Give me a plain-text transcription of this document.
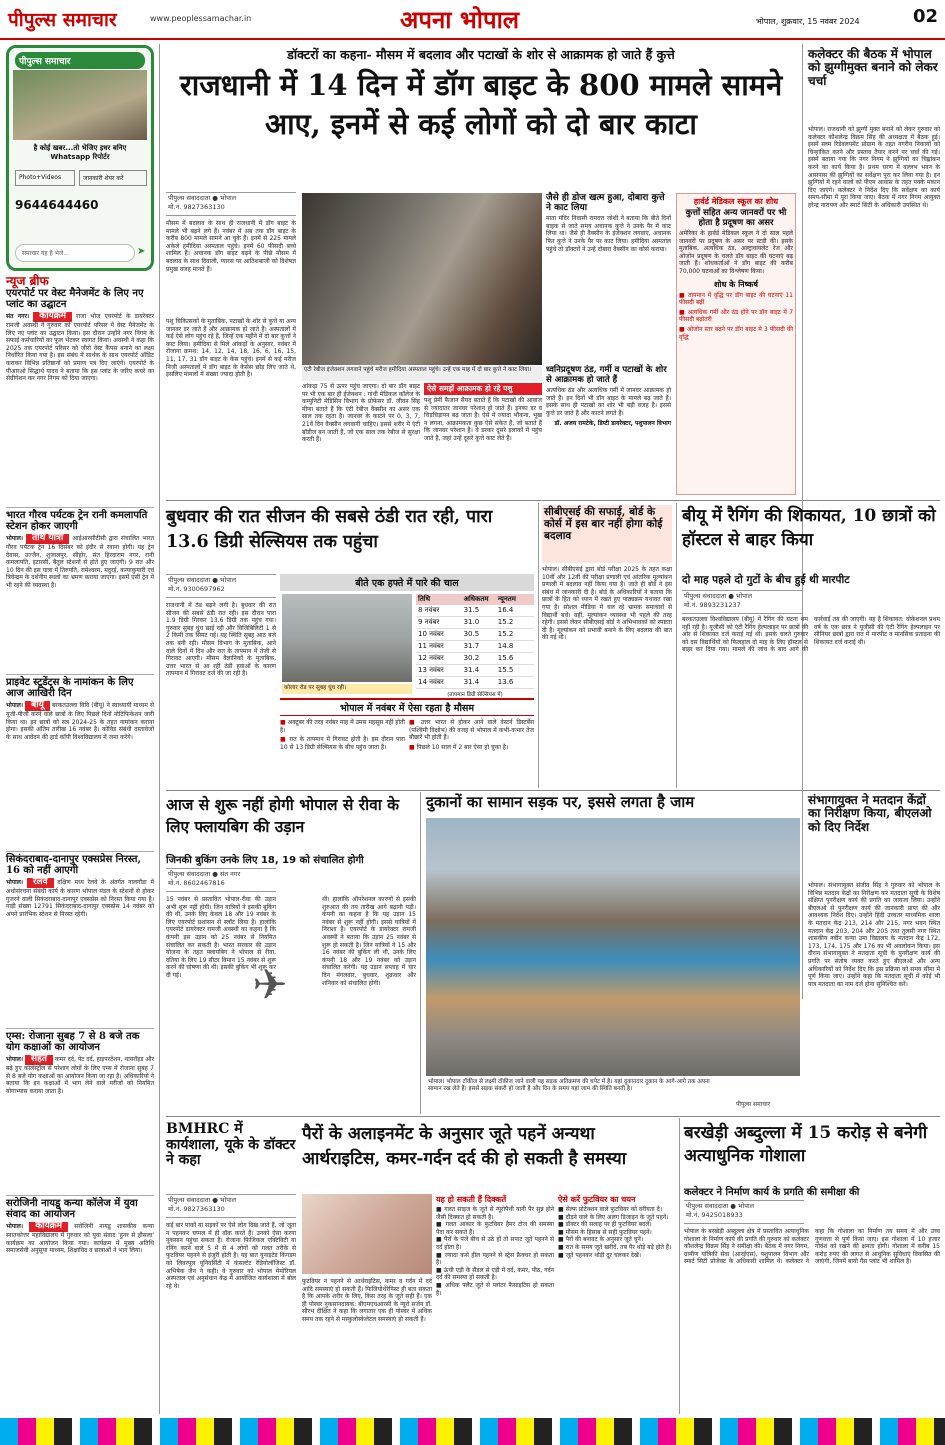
पीपुल्स समाचार	www.peoplessamachar.in	अपना भोपाल	भोपाल, शुक्रवार, 15 नवंबर 2024	02
पीपुल्स समाचार
है कोई खबर...तो भेजिए इधर बनिए Whatsapp रिपोर्टर
Photo+Videos	जानकारी शेयर करें
9644644460
समाचार यह है भेजे...	➤
न्यूज ब्रीफ
एयरपोर्ट पर वेस्ट मैनेजमेंट के लिए नए प्लांट का उद्घाटन
संत नगर। कार्यक्रम राजा भोज एयरपोर्ट के डायरेक्टर रामजी अवस्थी ने गुरुवार को एयरपोर्ट परिसर में वेस्ट मैनेजमेंट के लिए नए प्लांट का उद्घाटन किया। इस दौरान उन्होंने नगर निगम के सफाई कर्मचारियों का फूल भेंटकर स्वागत किया। अवस्थी ने कहा कि 2025 तक एयरपोर्ट परिसर को जीरो वेस्ट कैंपस बनाने का लक्ष्य निर्धारित किया गया है। इस संबंध में सार्थक के साथ एयरपोर्ट ऑडिट कराकर विभिन्न प्रतिष्ठानों को प्रमाण पत्र दिए जाएंगे। एयरपोर्ट के पीआरओ सिद्धार्थ यादव ने बताया कि इस प्लांट के जरिए कचरे का सेग्रीगेशन कर नगर निगम को दिया जाएगा।
भारत गौरव पर्यटक ट्रेन रानी कमलापति स्टेशन होकर जाएगी
भोपाल। तीर्थ यात्रा आईआरसीटीसी द्वारा संचालित भारत गौरव पर्यटक ट्रेन 16 दिसंबर को इंदौर से रवाना होगी। यह ट्रेन देवास, उज्जैन, शुजालपुर, सीहोर, संत हिरदाराम नगर, रानी कमलापति, इटारसी, बैतूल स्टेशनों से होते हुए जाएगी। 9 रात और 10 दिन की इस यात्रा में तिरुपति, रामेश्वरम, मदुरई, कन्याकुमारी एवं त्रिवेन्द्रम के दर्शनीय स्थलों का भ्रमण कराया जाएगा। इसमें एसी ट्रेन में भी रहने की व्यवस्था है।
प्राइवेट स्टूडेंट्स के नामांकन के लिए आज आखिरी दिन
भोपाल। बीयू बरकतउल्ला विवि (बीयू) ने स्वाध्यायी माध्यम से यूजी-पीजी करने वाले छात्रों के लिए पिछले दिनों नोटिफिकेशन जारी किया था। इन छात्रों को सत्र 2024-25 के तहत नामांकन कराना होगा। इसकी अंतिम तारीख 16 नवंबर है। कोविड संबंधी दस्तावेजों के साथ आवेदन की हार्ड कॉपी विश्वविद्यालय में जमा करेंगे।
सिकंदराबाद-दानापुर एक्सप्रेस निरस्त, 16 को नहीं आएगी
भोपाल। रेलवे दक्षिण मध्य रेलवे के अंतर्गत नालगोंडा में अधोसंरचना संबंधी कार्य के कारण भोपाल मंडल के स्टेशनों से होकर गुजरने वाली सिकंदराबाद-दानापुर एक्सप्रेस को निरस्त किया गया है। गाड़ी संख्या 12791 सिकंदराबाद-दानापुर एक्सप्रेस 14 नवंबर को अपने प्रारंभिक स्टेशन से निरस्त रहेगी।
एम्स: रोजाना सुबह 7 से 8 बजे तक योग कक्षाओं का आयोजन
भोपाल। सेहत कमर दर्द, पेट दर्द, हाइपरटेंशन, थायरॉइड और बढ़े हुए कोलेस्ट्रॉल से परेशान लोगों के लिए एम्स में रोजाना सुबह 7 से 8 बजे योग कक्षाओं का आयोजन किया जा रहा है। अधिकारियों ने बताया कि इन कक्षाओं में भाग लेने वाले मरीजों को नियमित योगाभ्यास कराया जाता है।
सरोजिनी नायडू कन्या कॉलेज में युवा संवाद का आयोजन
भोपाल। कार्यक्रम सरोजिनी नायडू शासकीय कन्या स्नातकोत्तर महाविद्यालय में गुरुवार को युवा संवाद 'हुनर से हौसला' कार्यक्रम का आयोजन किया गया। कार्यक्रम में मुख्य अतिथि समाजसेवी अनुसूया माध्यम, शिक्षाविद व छात्राओं ने भाग लिया।
डॉक्टरों का कहना- मौसम में बदलाव और पटाखों के शोर से आक्रामक हो जाते हैं कुत्ते
राजधानी में 14 दिन में डॉग बाइट के 800 मामले सामने आए, इनमें से कई लोगों को दो बार काटा
पीपुल्स संवाददाता ● भोपाल
मो.नं. 9827363130
मौसम में बदलाव के साथ ही राजधानी में डॉग बाइट के मामले भी बढ़ने लगे हैं। नवंबर में अब तक डॉग बाइट के करीब 800 मामले सामने आ चुके हैं। इनमें से 225 मामले अकेले हमीदिया अस्पताल पहुंचे। इनमें 60 फीसदी बच्चे शामिल हैं। अचानक डॉग बाइट बढ़ने के पीछे मौसम में बदलाव के साथ दिवाली, ग्यारस पर आतिशबाजी को विशेषज्ञ प्रमुख वजह मानते हैं।
पशु चिकित्सकों के मुताबिक, पटाखों के शोर से कुत्ते या अन्य जानवर डर जाते हैं और आक्रामक हो जाते हैं। अस्पतालों में कई ऐसे लोग पहुंच रहे हैं, जिन्हें एक महीने में दो बार कुत्तों ने काट लिया। हमीदिया से मिले आंकड़ों के अनुसार, नवंबर में रोजाना क्रमश: 14, 12, 14, 18, 16, 6, 16, 15, 11, 17, 31 डॉग बाइट के केस पहुंचे। इनमें से कई मरीज निजी अस्पतालों में डॉग बाइट के केसेस छोड़ लिए जाते थे, इसलिए मामलों में संख्या ज्यादा होती है।
एंटी रेबीज इंजेक्शन लगवाने पहुंचे मरीज हमीदिया अस्पताल पहुंचे। उन्हें एक माह में दो बार कुत्ते ने काट लिया।
आंकड़ा 75 से ऊपर पहुंच जाएगा। दो बार डॉग बाइट पर भी एक बार ही ईजेक्शन : गांधी मेडिकल कॉलेज के कम्युनिटी मेडिसिन विभाग के प्रोफेसर डॉ. जीवन सिंह मीणा बताते हैं कि एंटी रेबीज वैक्सीन का असर एक साल तक रहता है। जानवर के काटने पर 0, 3, 7, 21वें दिन वैक्सीन लगवानी चाहिए। इससे शरीर में एंटी बॉडीज बन जाती हैं, जो एक साल तक रेबीज से सुरक्षा करती हैं।
जैसे ही डोज खत्म हुआ, दोबारा कुत्ते ने काट लिया
माता मंदिर निवासी रामदत्त जोशी ने बताया कि बीते दिनों बाइक से जाते समय अचानक कुत्ते ने उनके पैर में काट लिया था। जैसे ही वैक्सीन के इंजेक्शन लगवाए, अचानक फिर कुत्ते ने उनके पैर पर काट लिया। हमीदिया अस्पताल पहुंचे तो डॉक्टरों ने उन्हें दोबारा वैक्सीन का कोर्स कराया।
ऐसे समझें आक्रामक हो रहे पशु
पशु प्रेमी फैजान सैयद बताते हैं कि पटाखों की आवाज से ज्यादातर जानवर परेशान हो जाते हैं। इनका डर व चिड़चिड़ापन बढ़ जाता है। ऐसे में ज्यादा भौंकना, भूख न लगना, आक्रामकता कुछ ऐसे संकेत हैं, जो बताते हैं कि जानवर परेशान है। वे डरकर दूसरे इलाकों में पहुंच जाते हैं, जहां उन्हें दूसरे कुत्ते काट लेते हैं।
ध्वनिप्रदूषण ठंड, गर्मी व पटाखों के शोर से आक्रामक हो जाते हैं
अत्यधिक ठंड और अत्यधिक गर्मी में जानवर आक्रामक हो जाते हैं। इन दिनों भी डॉग बाइट के मामले बढ़ जाते हैं। इसके साथ ही पटाखों का शोर भी बड़ी वजह है। इससे कुत्ते डर जाते हैं और काटने लगते हैं।
डॉ. अजय रामटेके, डिप्टी डायरेक्टर, पशुपालन विभाग
हार्वर्ड मेडिकल स्कूल का शोध
कुत्तों सहित अन्य जानवरों पर भी होता है प्रदूषण का असर
अमेरिका के हार्वर्ड मेडिकल स्कूल ने दो साल पहले जानवरों पर प्रदूषण के असर पर स्टडी की। इसके मुताबिक, अत्यधिक ठंड, अल्ट्रावायलेट रेज और ओजोन प्रदूषण के चलते डॉग बाइट की घटनाएं बढ़ जाती हैं। शोधकर्ताओं ने डॉग बाइट की करीब 70,000 घटनाओं का विश्लेषण किया।
शोध के निष्कर्ष
■ तापमान में वृद्धि पर डॉग बाइट की घटनाएं 11 फीसदी बढ़ीं
■ अत्यधिक गर्मी और ठंड होने पर डॉग बाइट में 7 फीसदी बढ़ोतरी
■ ओजोन स्तर बढ़ने पर डॉग बाइट में 3 फीसदी की वृद्धि
कलेक्टर की बैठक में भोपाल को झुग्गीमुक्त बनाने को लेकर चर्चा
भोपाल। राजधानी को झुग्गी मुक्त बनाने को लेकर गुरुवार को कलेक्टर कौशलेन्द्र विक्रम सिंह की अध्यक्षता में बैठक हुई। इसमें स्लम रिडेवलपमेंट प्रोग्राम के तहत नगरीय निकायों को चिन्हांकित करने और प्रस्ताव तैयार करने पर चर्चा की गई। इसमें बताया गया कि नगर निगम ने झुग्गियों का चिह्नांकन करने का कार्य किया है। प्रथम चरण में वल्लभ भवन के आसपास की झुग्गियों का सर्वेक्षण पूरा कर लिया गया है। इन झुग्गियों में रहने वालों को पीएम आवास के तहत पक्के मकान दिए जाएंगे। कलेक्टर ने निर्देश दिए कि सर्वेक्षण का कार्य समय-सीमा में पूरा किया जाए। बैठक में नगर निगम आयुक्त हरेन्द्र नारायण और स्मार्ट सिटी के अधिकारी उपस्थित थे।
बुधवार की रात सीजन की सबसे ठंडी रात रही, पारा 13.6 डिग्री सेल्सियस तक पहुंचा
पीपुल्स संवाददाता ● भोपाल
मो.नं. 9300697962
राजधानी में ठंड बढ़ने लगी है। बुधवार की रात सीजन की सबसे ठंडी रात रही। इस दौरान पारा 1.9 डिग्री गिरकर 13.6 डिग्री तक पहुंच गया। गुरुवार सुबह धुंध छाई रही और विजिबिलिटी 1 से 2 किमी तक सिमट गई। यह स्थिति सुबह आठ बजे तक बनी रही। मौसम विभाग के मुताबिक, आने वाले दिनों में दिन और रात के तापमान में तेजी से गिरावट आएगी। मौसम वैज्ञानिकों के मुताबिक, उत्तर भारत से आ रही ठंडी हवाओं के कारण तापमान में गिरावट दर्ज की जा रही है।
बीते एक हफ्ते में पारे की चाल
कोलार रोड पर सुबह धुंध रही।
तिथि	अधिकतम	न्यूनतम
8 नवंबर	31.5	16.4
9 नवंबर	31.0	15.2
10 नवंबर	30.5	15.2
11 नवंबर	31.7	14.8
12 नवंबर	30.2	15.6
13 नवंबर	31.4	15.5
14 नवंबर	31.4	13.6
(तापमान डिग्री सेल्सियस में)
भोपाल में नवंबर में ऐसा रहता है मौसम
■ अक्टूबर की तरह नवंबर माह में उमस महसूस नहीं होती है।
■ रात के तापमान में गिरावट होती है। इस दौरान पारा 10 से 13 डिग्री सेल्सियस के बीच पहुंच जाता है।
■ उत्तर भारत से होकर आने वाले वेस्टर्न डिस्टर्बेंस (पश्चिमी विक्षोभ) की वजह से भोपाल में कभी-कभार तेज बौछारें भी होती हैं।
■ पिछले 10 साल में 2 बार ऐसा हो चुका है।
सीबीएसई की सफाई, बोर्ड के कोर्स में इस बार नहीं होगा कोई बदलाव
भोपाल। सीबीएसई द्वारा बोर्ड परीक्षा 2025 के तहत कक्षा 10वीं और 12वीं की परीक्षा प्रणाली एवं आंतरिक मूल्यांकन प्रणाली में बदलाव नहीं किया गया है। जाते ही बोर्ड ने इस संबंध में जानकारी दी है। बोर्ड के अधिकारियों ने बताया कि छात्रों के हित को ध्यान में रखते हुए पाठ्यक्रम यथावत रखा गया है। सोशल मीडिया में चल रहे भ्रामक समाचारों से विद्यार्थी बचें। वहीं, मूल्यांकन व्यवस्था भी पहले की तरह रहेगी। इससे लेकर सीबीएसई बोर्ड ने अभिभावकों को स्पष्टता दी है। मूल्यांकन को प्रभावी बनाने के लिए बदलाव की बात की गई थी।
बीयू में रैगिंग की शिकायत, 10 छात्रों को हॉस्टल से बाहर किया
दो माह पहले दो गुटों के बीच हुई थी मारपीट
पीपुल्स संवाददाता ● भोपाल
मो.नं. 9893231237
बरकतउल्ला विश्वविद्यालय (बीयू) में रैगिंग की घटना थम नहीं रही है। यूजीसी को एंटी रैगिंग हेल्पलाइन पर छात्रों की ओर से शिकायत दर्ज कराई गई थी। इसके चलते गुरुवार को दस विद्यार्थियों को फिलहाल दो माह के लिए हॉस्टल से बाहर कर दिया गया। मामले की जांच के बाद आगे की कार्रवाई तय की जाएगी। यह है शिकायत: वोकेशनल प्रथम वर्ष के एक छात्र ने यूजीसी की एंटी रैगिंग हेल्पलाइन पर सीनियर छात्रों द्वारा रात में मारपीट व मानसिक प्रताड़ना की शिकायत दर्ज कराई थी।
आज से शुरू नहीं होगी भोपाल से रीवा के लिए फ्लायबिग की उड़ान
जिनकी बुकिंग उनके लिए 18, 19 को संचालित होगी
पीपुल्स संवाददाता ● संत नगर
मो.नं. 8602467816
15 नवंबर से प्रस्तावित भोपाल-रीवा की उड़ान अभी शुरू नहीं होगी। जिन यात्रियों ने इसकी बुकिंग की थी, उनके लिए केवल 18 और 19 नवंबर के लिए एयरपोर्ट प्रशासन से स्लॉट लिया है। हालांकि एयरपोर्ट डायरेक्टर रामजी अवस्थी का कहना है कि कंपनी इस उड़ान को 25 नवंबर से नियमित संचालित कर सकती है। भारत सरकार की उड़ान योजना के तहत फ्लायबिग ने भोपाल से रीवा, दतिया के लिए 19 सीटर विमान 15 नवंबर से शुरू करने की घोषणा की थी। इसकी बुकिंग भी शुरू कर दी गई।
थी। हालांकि ऑपरेशनल कारणों से इसकी शुरुआत की तय तारीख आगे बढ़ानी पड़ी। कंपनी का कहना है कि यह उड़ान 15 नवंबर से शुरू नहीं होगी। इससे यात्रियों में निराशा है। एयरपोर्ट के डायरेक्टर रामजी अवस्थी ने बताया कि उड़ान 25 नवंबर से शुरू हो सकती है। जिन यात्रियों ने 15 और 16 नवंबर की बुकिंग ली थी, उनके लिए कंपनी 18 और 19 नवंबर को उड़ान संचालित करेगी। यह उड़ान सप्ताह में चार दिन मंगलवार, बुधवार, शुक्रवार और शनिवार को संचालित होगी।
✈
दुकानों का सामान सड़क पर, इससे लगता है जाम
भोपाल। भोपाल टॉकीज से लक्ष्मी टॉकीज जाने वाली यह सड़क अतिक्रमण की चपेट में है। यहां दुकानदार दुकान के आगे-आगे तक अपना सामान रख लेते हैं। इससे सड़क संकरी हो जाती है और दिन के समय यहां जाम की स्थिति बनती है।
पीपुल्स समाचार
संभागायुक्त ने मतदान केंद्रों का निरीक्षण किया, बीएलओ को दिए निर्देश
भोपाल। संभागायुक्त संजीव सिंह ने गुरुवार को भोपाल के विभिन्न मतदान केंद्रों का निरीक्षण कर मतदाता सूची के विशेष संक्षिप्त पुनरीक्षण कार्य की प्रगति का जायजा लिया। उन्होंने बीएलओ से पुनरीक्षण कार्य की जानकारी प्राप्त की और आवश्यक निर्देश दिए। उन्होंने हिंदी उच्चतर माध्यमिक शाला के मतदान केंद्र 213, 214 और 215, नगर भवन स्थित मतदान केंद्र 203, 204 और 205 तथा तुलसी नगर स्थित शासकीय नवीन कन्या उमा विद्यालय के मतदान केंद्र 172, 173, 174, 175 और 176 का भी अवलोकन किया। इस दौरान संभागायुक्त ने मतदाता सूची के पुनरीक्षण कार्य की प्रगति पर संतोष व्यक्त करते हुए बीएलओ और अन्य अधिकारियों को निर्देश दिए कि इस प्रक्रिया को समय सीमा में पूर्ण किया जाए। उन्होंने कहा कि मतदाता सूची में कोई भी पात्र मतदाता का नाम दर्ज होना सुनिश्चित करें।
BMHRC में कार्यशाला, यूके के डॉक्टर ने कहा
पीपुल्स संवाददाता ● भोपाल
मो.नं. 9827363130
कई बार पाकों या सड़कों पर ऐसे लोग दिख जाते हैं, जो जूता न पहनकर चप्पल में ही वॉक करते हैं। उनको ऐसा करना नुकसान पहुंचा सकता है। रोजाना फिजिकल एक्टिविटी या रनिंग करने वाले 5 में से 4 लोगों को गलत तरीके से फुटवियर पहनने से इंजुरी होती है। यह बात यूनाइटेड किंगडम को लिवरपूल यूनिवर्सिटी में कंसल्टेंट रेडियोलॉजिस्ट डॉ. अभिषेक जैन ने कही। वे गुरुवार को भोपाल मेमोरियल अस्पताल एवं अनुसंधान केंद्र में आयोजित कार्यशाला में बोल रहे थे।
पैरों के अलाइनमेंट के अनुसार जूते पहनें अन्यथा आर्थराइटिस, कमर-गर्दन दर्द की हो सकती है समस्या
फुटवियर न पहनने से आर्थराइटिस, कमर व गर्दन में दर्द आदि समस्याएं हो सकती हैं। फिजियोथेरेपिस्ट ही बता सकता है कि आपके शरीर के लिए, किस तरह के जूते सही हैं। एक ही पोस्चर नुकसानदायक: बीएमएचआरसी के न्यूरो सर्जन डॉ. सौरभ दीक्षित ने कहा कि लगातार एक ही पोस्चर में अधिक समय तक रहने से मस्कुलोस्केलेटल समस्याएं हो सकती हैं।
यह हो सकती हैं दिक्कतें
■ गलत साइज के जूते से न्यूरोपैथी यानी पैर सुन्न होने जैसी दिक्कत हो सकती है।
■ गलत आकार के फुटवियर हैमर टोज की समस्या पैदा कर सकते हैं।
■ पैरों के पंजे बीच से उठे हों तो सपाट जूते पहनने से दर्द होता है।
■ ज्यादा कसे हील पहनने से स्ट्रेस फ्रैक्चर हो सकता है।
■ ऊंची एड़ी के सैंडल से एड़ी में दर्द, कमर, पीठ, गर्दन दर्द की समस्या हो सकती है।
■ अधिक फ्लैट जूते से प्लांटर फैसाइटिस हो सकता है।
ऐसे करें फुटवियर का चयन
■ सेल्फ प्रोटेक्शन वाले फुटवियर को वरीयता दें।
■ दौड़ने वाले के लिए अलग डिजाइन के जूते पहनें।
■ डॉक्टर की सलाह पर ही फुटवियर बदलें।
■ मौसम के हिसाब से सही फुटवियर पहनें।
■ पैरों की बनावट के अनुसार जूते चुनें।
■ रात के समय जूते खरीदें, तब पैर थोड़े बड़े होते हैं।
■ जूते पहनकर थोड़ी दूर चलकर देखें।
बरखेड़ी अब्दुल्ला में 15 करोड़ से बनेगी अत्याधुनिक गोशाला
कलेक्टर ने निर्माण कार्य के प्रगति की समीक्षा की
पीपुल्स संवाददाता ● भोपाल
मो.नं. 9425018933
भोपाल के बरखेड़ी अब्दुल्ला क्षेत्र में प्रस्तावित अत्याधुनिक गोशाला के निर्माण कार्य की प्रगति की गुरुवार को कलेक्टर कौशलेन्द्र विक्रम सिंह ने समीक्षा की। बैठक में नगर निगम, ग्रामीण यांत्रिकी सेवा (आरईएस), पशुपालन विभाग और स्मार्ट सिटी प्रोजेक्ट के अधिकारी शामिल थे। कलेक्टर ने कहा कि गोशाला का निर्माण तय समय में और उच्च गुणवत्ता से पूर्ण किया जाए। इस गोशाला में 10 हजार गोवंश को रखने की क्षमता होगी। गोशाला में करीब 15 करोड़ रुपए की लागत से आधुनिक सुविधाएं विकसित की जाएंगी, जिनमें बायो गैस प्लांट भी शामिल है।
